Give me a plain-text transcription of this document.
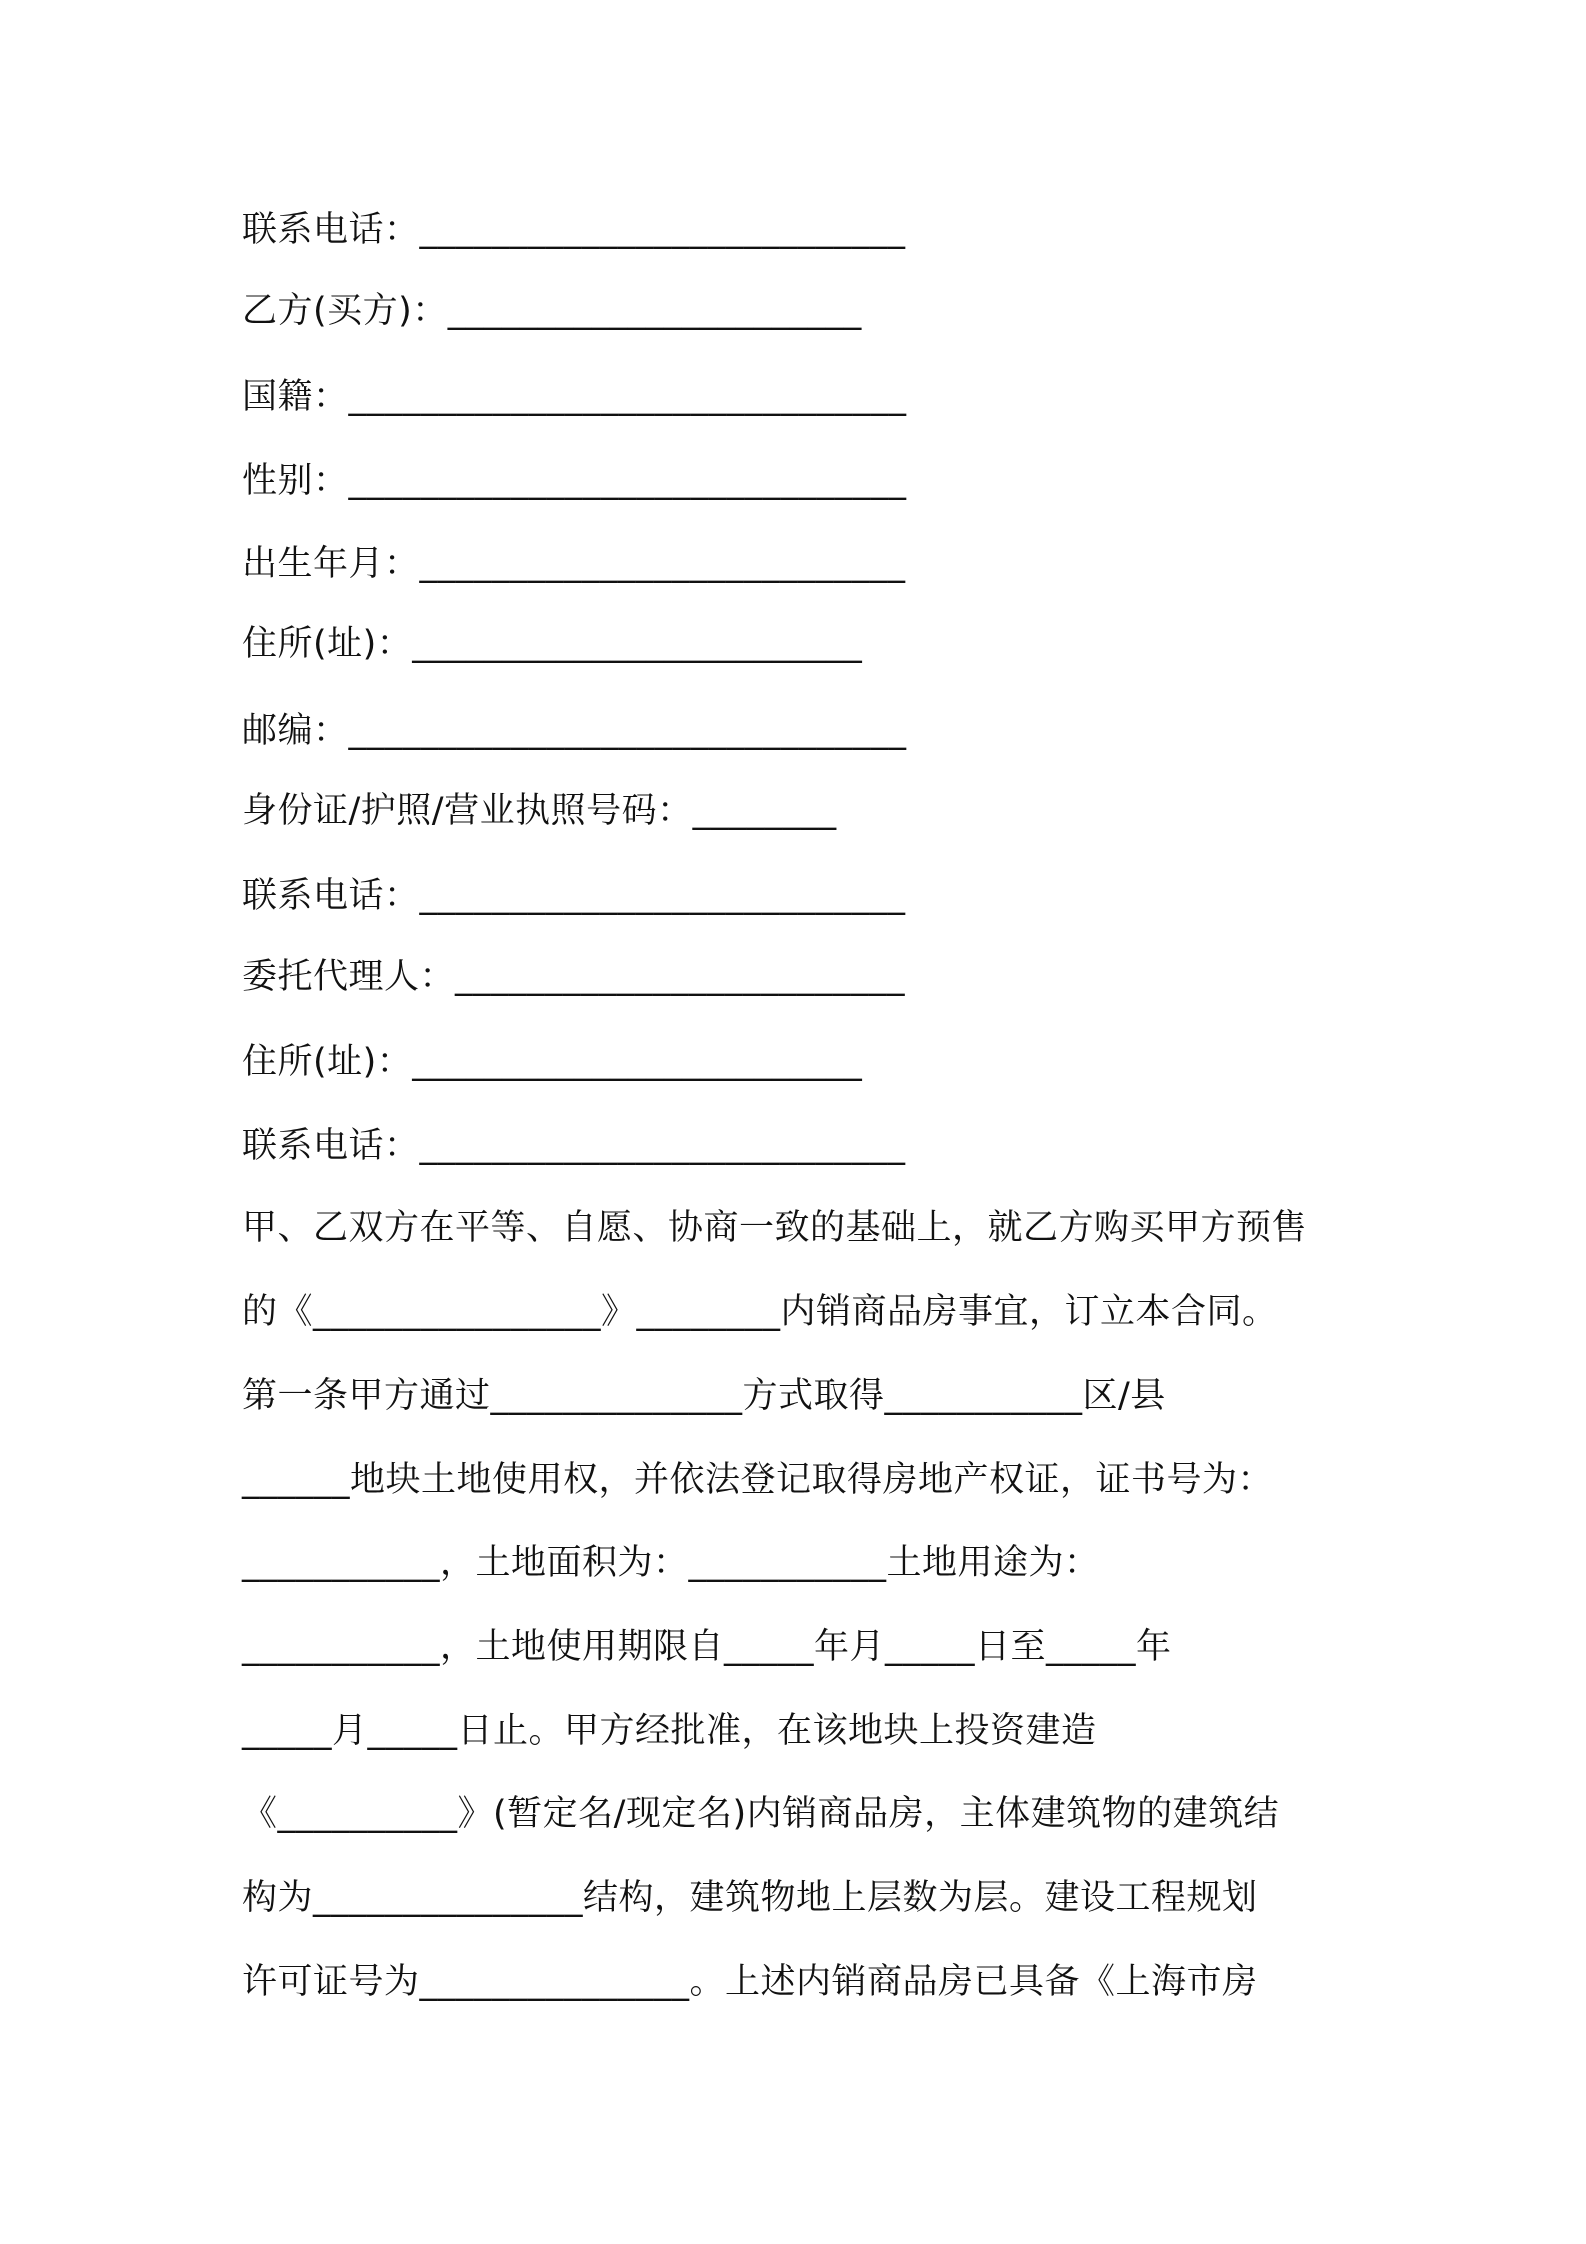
联系电话：___________________________
乙方(买方)：_______________________
国籍：_______________________________
性别：_______________________________
出生年月：___________________________
住所(址)：_________________________
邮编：_______________________________
身份证/护照/营业执照号码：________
联系电话：___________________________
委托代理人：_________________________
住所(址)：_________________________
联系电话：___________________________
甲、乙双方在平等、自愿、协商一致的基础上，就乙方购买甲方预售
的《________________》________内销商品房事宜，订立本合同。
第一条甲方通过______________方式取得___________区/县
______地块土地使用权，并依法登记取得房地产权证，证书号为：
___________，土地面积为：___________土地用途为：
___________，土地使用期限自_____年月_____日至_____年
_____月_____日止。甲方经批准，在该地块上投资建造
《__________》(暂定名/现定名)内销商品房，主体建筑物的建筑结
构为_______________结构，建筑物地上层数为层。建设工程规划
许可证号为_______________。上述内销商品房已具备《上海市房
